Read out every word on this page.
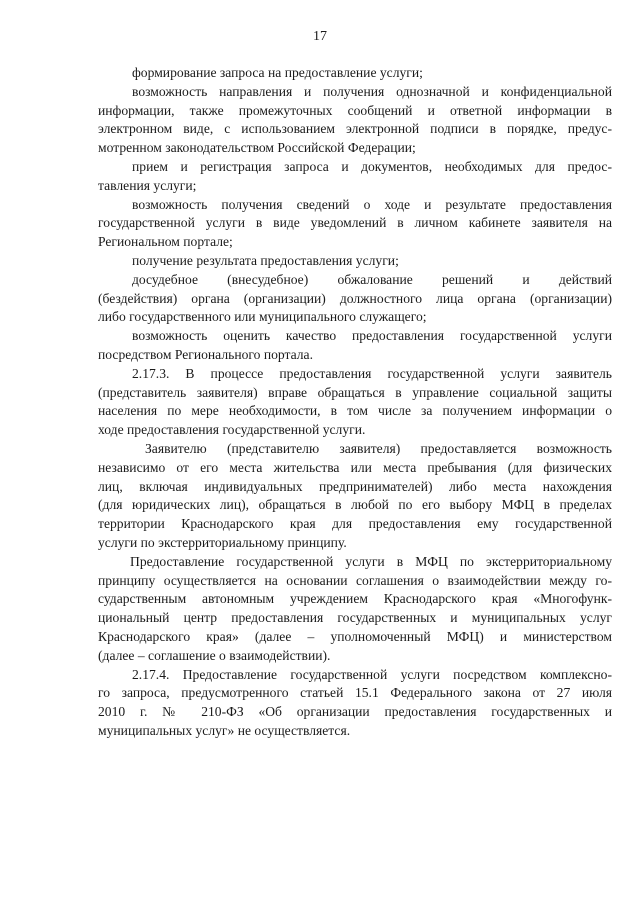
17
формирование запроса на предоставление услуги;
возможность направления и получения однозначной и конфиденциальной
информации, также промежуточных сообщений и ответной информации в
электронном виде, с использованием электронной подписи в порядке, предус-
мотренном законодательством Российской Федерации;
прием и регистрация запроса и документов, необходимых для предос-
тавления услуги;
возможность получения сведений о ходе и результате предоставления
государственной услуги в виде уведомлений в личном кабинете заявителя на
Региональном портале;
получение результата предоставления услуги;
досудебное (внесудебное) обжалование решений и действий
(бездействия) органа (организации) должностного лица органа (организации)
либо государственного или муниципального служащего;
возможность оценить качество предоставления государственной услуги
посредством Регионального портала.
2.17.3. В процессе предоставления государственной услуги заявитель
(представитель заявителя) вправе обращаться в управление социальной защиты
населения по мере необходимости, в том числе за получением информации о
ходе предоставления государственной услуги.
Заявителю (представителю заявителя) предоставляется возможность
независимо от его места жительства или места пребывания (для физических
лиц, включая индивидуальных предпринимателей) либо места нахождения
(для юридических лиц), обращаться в любой по его выбору МФЦ в пределах
территории Краснодарского края для предоставления ему государственной
услуги по экстерриториальному принципу.
Предоставление государственной услуги в МФЦ по экстерриториальному
принципу осуществляется на основании соглашения о взаимодействии между го-
сударственным автономным учреждением Краснодарского края «Многофунк-
циональный центр предоставления государственных и муниципальных услуг
Краснодарского края» (далее – уполномоченный МФЦ) и министерством
(далее – соглашение о взаимодействии).
2.17.4. Предоставление государственной услуги посредством комплексно-
го запроса, предусмотренного статьей 15.1 Федерального закона от 27 июля
2010 г. № 210-ФЗ «Об организации предоставления государственных и
муниципальных услуг» не осуществляется.
